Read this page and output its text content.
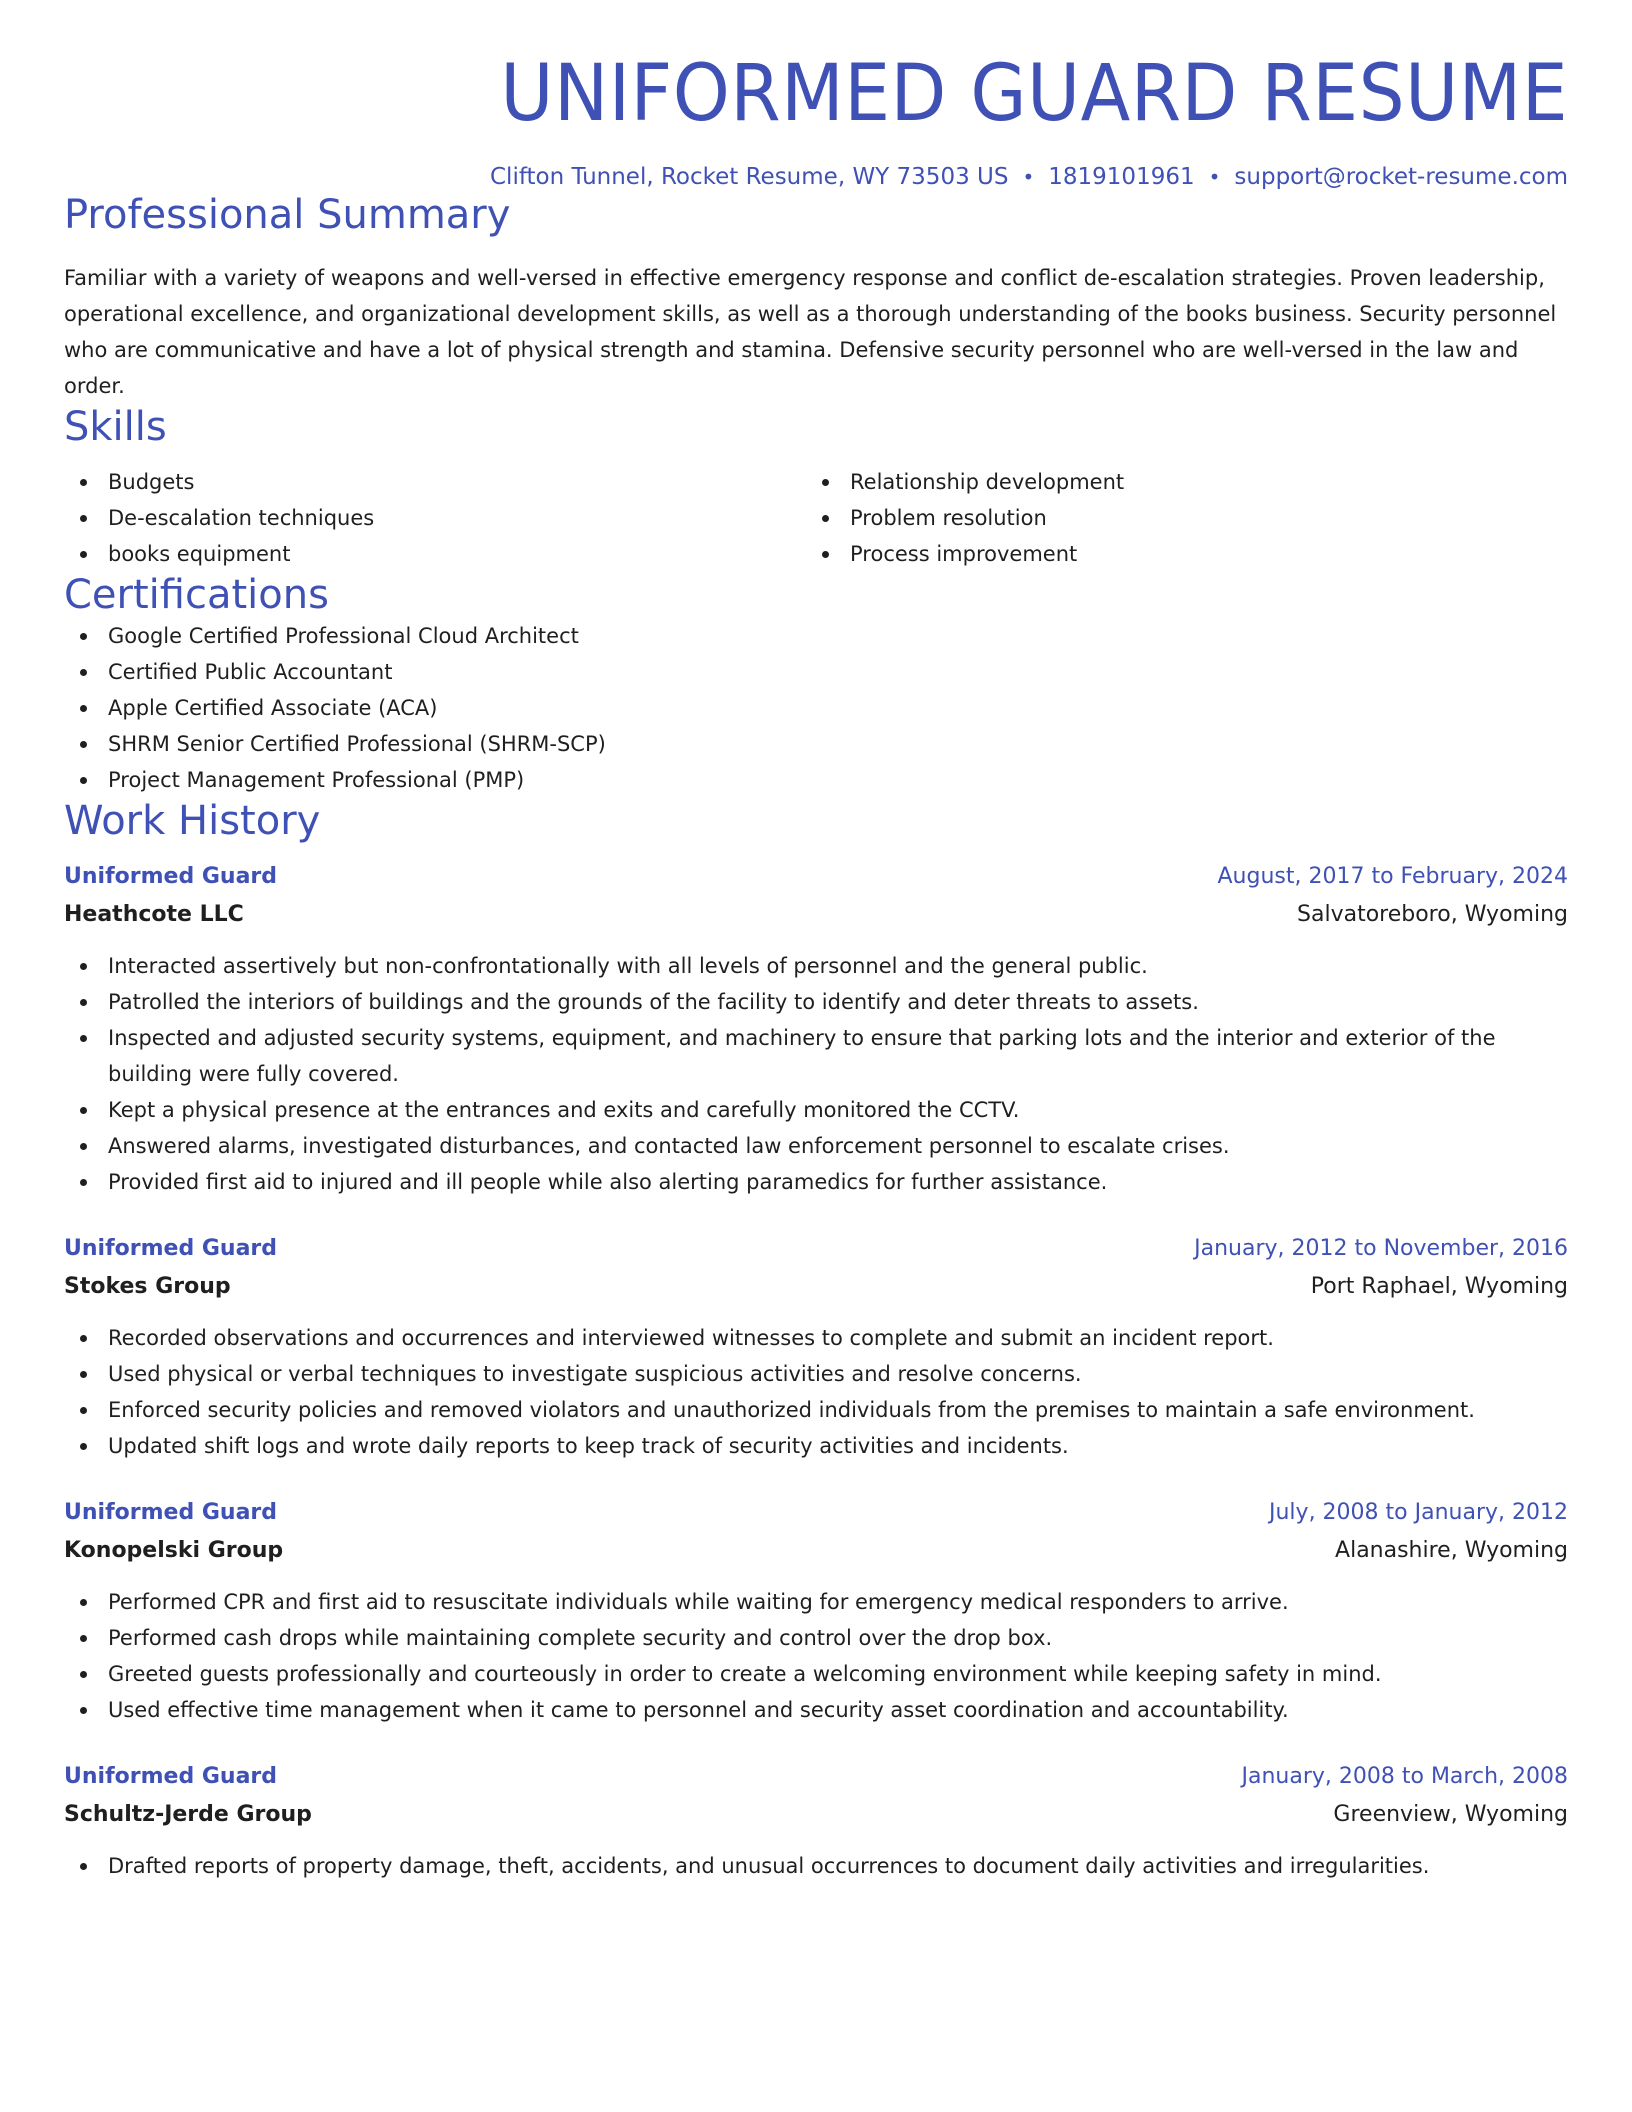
UNIFORMED GUARD RESUME
Clifton Tunnel, Rocket Resume, WY 73503 US • 1819101961 • support@rocket-resume.com
Professional Summary

Familiar with a variety of weapons and well-versed in effective emergency response and conflict de-escalation strategies. Proven leadership, operational excellence, and organizational development skills, as well as a thorough understanding of the books business. Security personnel who are communicative and have a lot of physical strength and stamina. Defensive security personnel who are well-versed in the law and order.

Skills
Budgets
De-escalation techniques
books equipment
Relationship development
Problem resolution
Process improvement
Certifications
Google Certified Professional Cloud Architect
Certified Public Accountant
Apple Certified Associate (ACA)
SHRM Senior Certified Professional (SHRM-SCP)
Project Management Professional (PMP)
Work History
Uniformed Guard	August, 2017 to February, 2024
Heathcote LLC	Salvatoreboro, Wyoming
Interacted assertively but non-confrontationally with all levels of personnel and the general public.
Patrolled the interiors of buildings and the grounds of the facility to identify and deter threats to assets.
Inspected and adjusted security systems, equipment, and machinery to ensure that parking lots and the interior and exterior of the building were fully covered.
Kept a physical presence at the entrances and exits and carefully monitored the CCTV.
Answered alarms, investigated disturbances, and contacted law enforcement personnel to escalate crises.
Provided first aid to injured and ill people while also alerting paramedics for further assistance.
Uniformed Guard	January, 2012 to November, 2016
Stokes Group	Port Raphael, Wyoming
Recorded observations and occurrences and interviewed witnesses to complete and submit an incident report.
Used physical or verbal techniques to investigate suspicious activities and resolve concerns.
Enforced security policies and removed violators and unauthorized individuals from the premises to maintain a safe environment.
Updated shift logs and wrote daily reports to keep track of security activities and incidents.
Uniformed Guard	July, 2008 to January, 2012
Konopelski Group	Alanashire, Wyoming
Performed CPR and first aid to resuscitate individuals while waiting for emergency medical responders to arrive.
Performed cash drops while maintaining complete security and control over the drop box.
Greeted guests professionally and courteously in order to create a welcoming environment while keeping safety in mind.
Used effective time management when it came to personnel and security asset coordination and accountability.
Uniformed Guard	January, 2008 to March, 2008
Schultz-Jerde Group	Greenview, Wyoming
Drafted reports of property damage, theft, accidents, and unusual occurrences to document daily activities and irregularities.
